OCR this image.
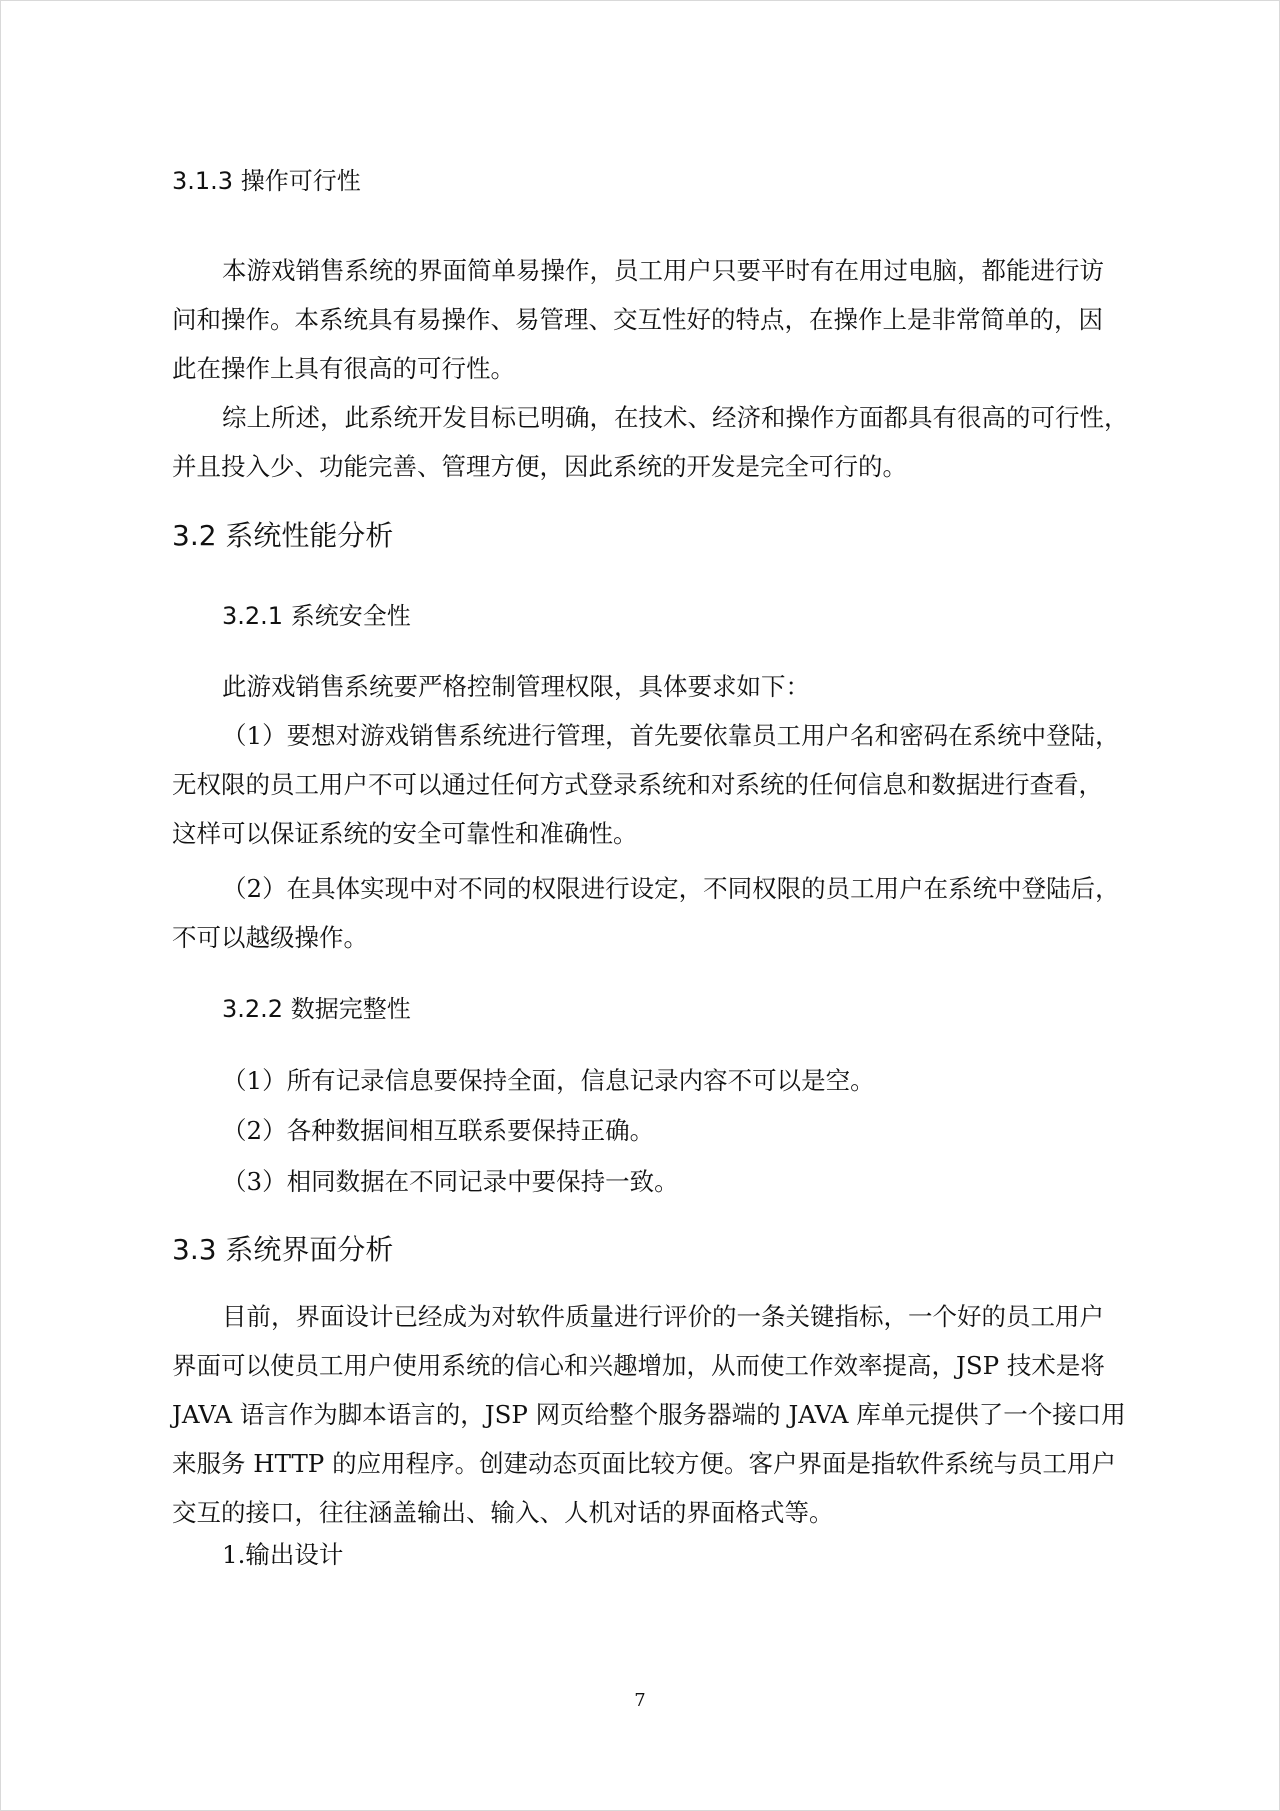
3.1.3 操作可行性
本游戏销售系统的界面简单易操作，员工用户只要平时有在用过电脑，都能进行访
问和操作。本系统具有易操作、易管理、交互性好的特点，在操作上是非常简单的，因
此在操作上具有很高的可行性。
综上所述，此系统开发目标已明确，在技术、经济和操作方面都具有很高的可行性，
并且投入少、功能完善、管理方便，因此系统的开发是完全可行的。
3.2 系统性能分析
3.2.1 系统安全性
此游戏销售系统要严格控制管理权限，具体要求如下：
（1）要想对游戏销售系统进行管理，首先要依靠员工用户名和密码在系统中登陆，
无权限的员工用户不可以通过任何方式登录系统和对系统的任何信息和数据进行查看，
这样可以保证系统的安全可靠性和准确性。
（2）在具体实现中对不同的权限进行设定，不同权限的员工用户在系统中登陆后，
不可以越级操作。
3.2.2 数据完整性
（1）所有记录信息要保持全面，信息记录内容不可以是空。
（2）各种数据间相互联系要保持正确。
（3）相同数据在不同记录中要保持一致。
3.3 系统界面分析
目前，界面设计已经成为对软件质量进行评价的一条关键指标，一个好的员工用户
界面可以使员工用户使用系统的信心和兴趣增加，从而使工作效率提高，JSP 技术是将
JAVA 语言作为脚本语言的，JSP 网页给整个服务器端的 JAVA 库单元提供了一个接口用
来服务 HTTP 的应用程序。创建动态页面比较方便。客户界面是指软件系统与员工用户
交互的接口，往往涵盖输出、输入、人机对话的界面格式等。
1.输出设计
7
